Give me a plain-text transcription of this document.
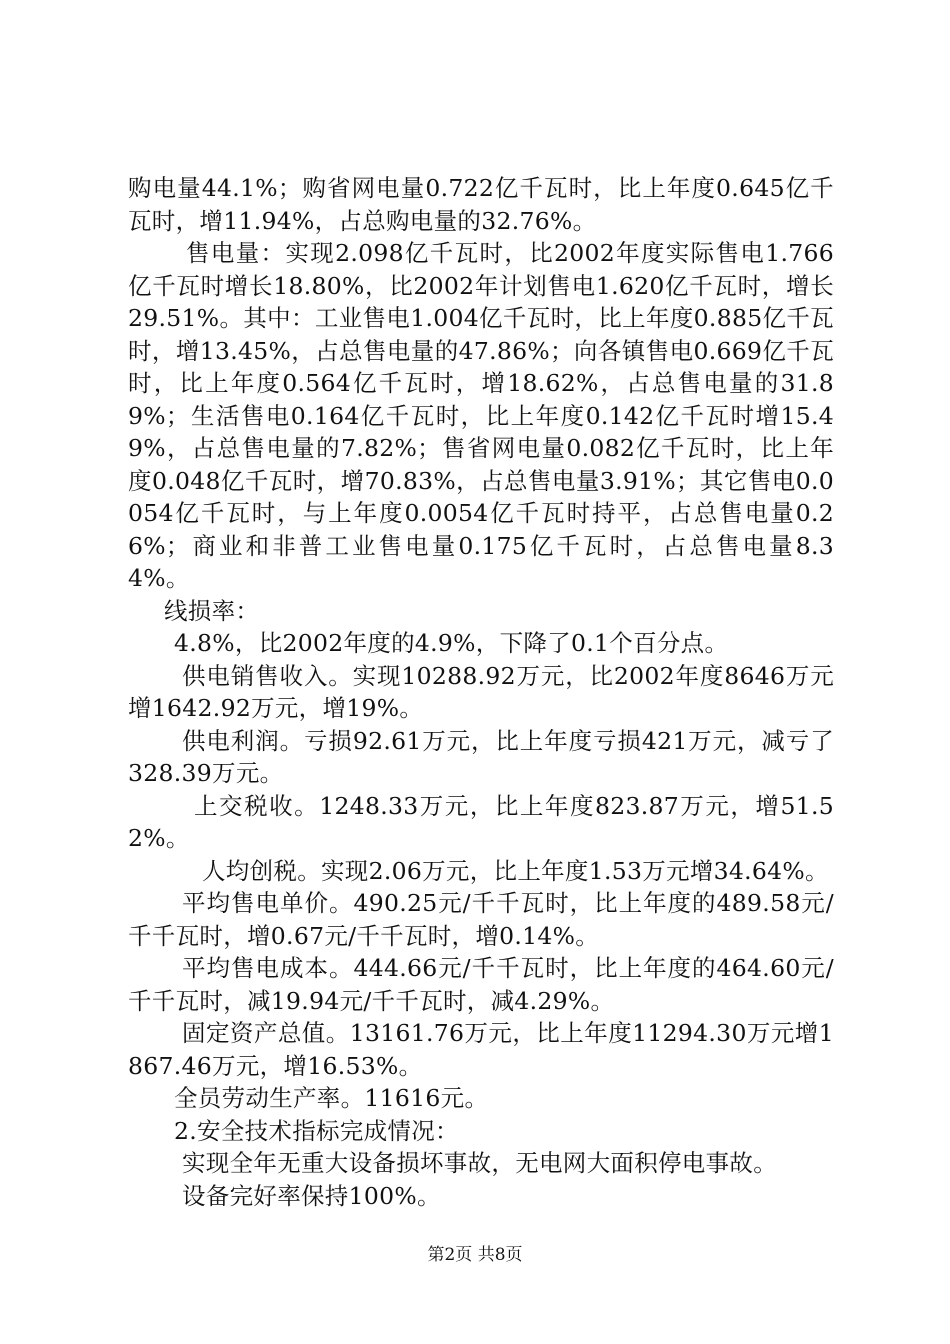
购电量44.1%；购省网电量0.722亿千瓦时，比上年度0.645亿千瓦时，增11.94%，占总购电量的32.76%。

售电量：实现2.098亿千瓦时，比2002年度实际售电1.766亿千瓦时增长18.80%，比2002年计划售电1.620亿千瓦时，增长29.51%。其中：工业售电1.004亿千瓦时，比上年度0.885亿千瓦时，增13.45%，占总售电量的47.86%；向各镇售电0.669亿千瓦时，比上年度0.564亿千瓦时，增18.62%，占总售电量的31.89%；生活售电0.164亿千瓦时，比上年度0.142亿千瓦时增15.49%，占总售电量的7.82%；售省网电量0.082亿千瓦时，比上年度0.048亿千瓦时，增70.83%，占总售电量3.91%；其它售电0.0054亿千瓦时，与上年度0.0054亿千瓦时持平，占总售电量0.26%；商业和非普工业售电量0.175亿千瓦时，占总售电量8.34%。

线损率：

4.8%，比2002年度的4.9%，下降了0.1个百分点。

供电销售收入。实现10288.92万元，比2002年度8646万元增1642.92万元，增19%。

供电利润。亏损92.61万元，比上年度亏损421万元，减亏了328.39万元。

上交税收。1248.33万元，比上年度823.87万元，增51.52%。

人均创税。实现2.06万元，比上年度1.53万元增34.64%。

平均售电单价。490.25元/千千瓦时，比上年度的489.58元/千千瓦时，增0.67元/千千瓦时，增0.14%。

平均售电成本。444.66元/千千瓦时，比上年度的464.60元/千千瓦时，减19.94元/千千瓦时，减4.29%。

固定资产总值。13161.76万元，比上年度11294.30万元增1867.46万元，增16.53%。

全员劳动生产率。11616元。

2.安全技术指标完成情况：

实现全年无重大设备损坏事故，无电网大面积停电事故。

设备完好率保持100%。

第2页 共8页
